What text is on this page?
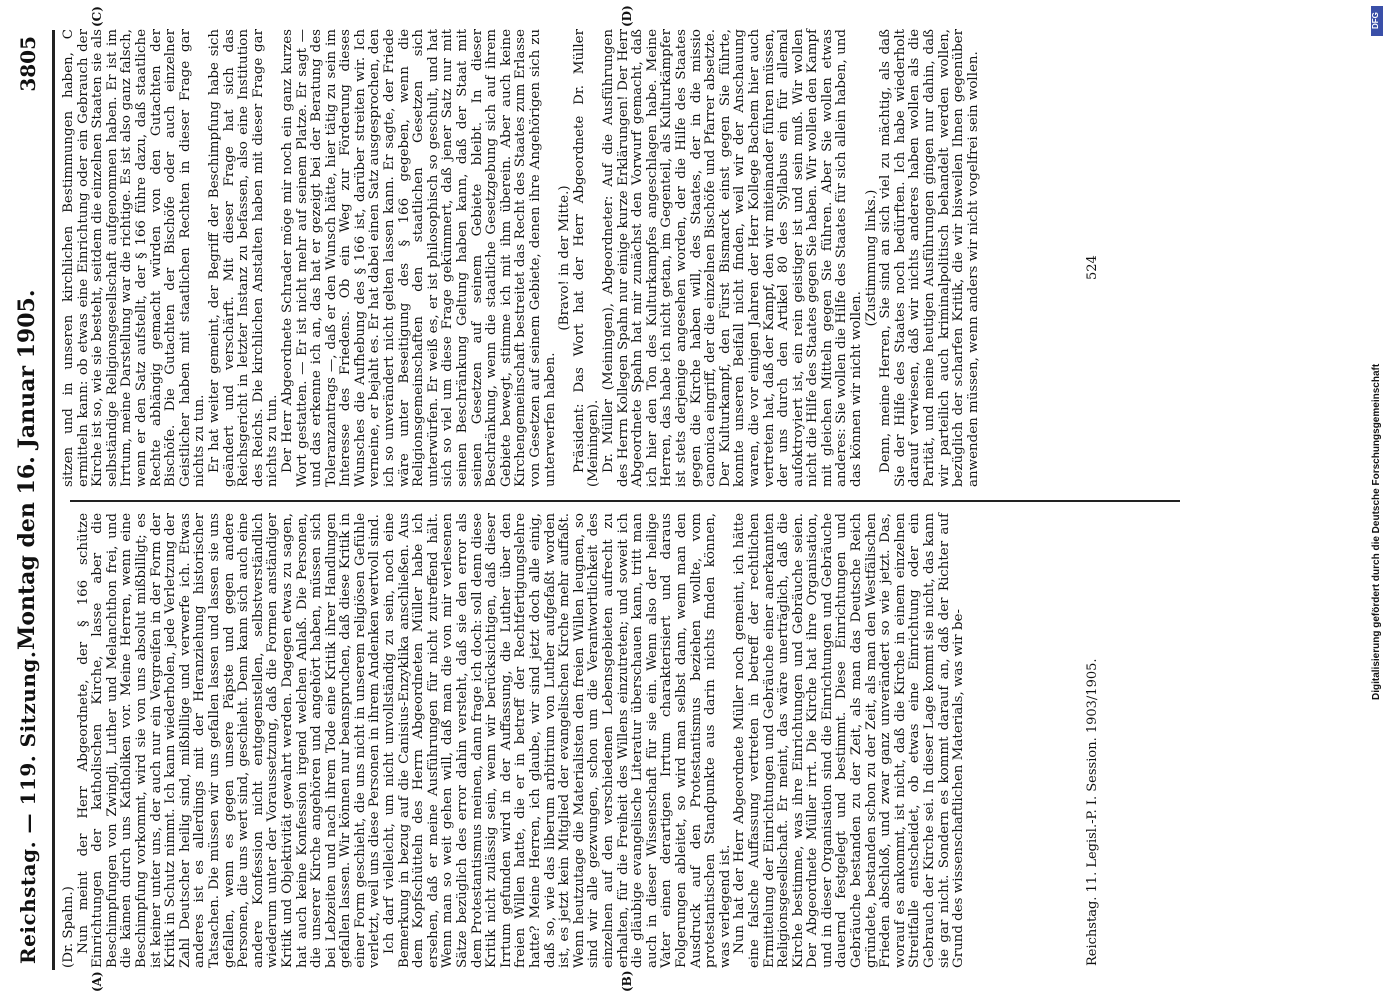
Reichstag. — 119. Sitzung.
Montag den 16. Januar 1905.
3805
(A)	(B)
(C)	(D)

(Dr. Spahn.) Nun meint der Herr Abgeordnete, der § 166 schütze Einrichtungen der katholischen Kirche, lasse aber die Beschimpfungen von Zwingli, Luther und Melanchthon frei, und die kämen durch uns Katholiken vor. Meine Herren, wenn eine Beschimpfung vorkommt, wird sie von uns absolut mißbilligt; es ist keiner unter uns, der auch nur ein Vergreifen in der Form der Kritik in Schutz nimmt. Ich kann wiederholen, jede Verletzung der Zahl Deutscher heilig sind, mißbillige und verwerfe ich. Etwas anderes ist es allerdings mit der Heranziehung historischer Tatsachen. Die müssen wir uns gefallen lassen und lassen sie uns gefallen, wenn es gegen unsere Päpste und gegen andere Personen, die uns wert sind, geschieht. Denn kann sich auch eine andere Konfession nicht entgegenstellen, selbstverständlich wiederum unter der Voraussetzung, daß die Formen anständiger Kritik und Objektivität gewahrt werden. Dagegen etwas zu sagen, hat auch keine Konfession irgend welchen Anlaß. Die Personen, die unserer Kirche angehören und angehört haben, müssen sich bei Lebzeiten und nach ihrem Tode eine Kritik ihrer Handlungen gefallen lassen. Wir können nur beanspruchen, daß diese Kritik in einer Form geschieht, die uns nicht in unserem religiösen Gefühle verletzt, weil uns diese Personen in ihrem Andenken wertvoll sind. Ich darf vielleicht, um nicht unvollständig zu sein, noch eine Bemerkung in bezug auf die Canisius-Enzyklika anschließen. Aus dem Kopfschütteln des Herrn Abgeordneten Müller habe ich ersehen, daß er meine Ausführungen für nicht zutreffend hält. Wenn man so weit gehen will, daß man die von mir verlesenen Sätze bezüglich des error dahin versteht, daß sie den error als dem Protestantismus meinen, dann frage ich doch: soll denn diese Kritik nicht zulässig sein, wenn wir berücksichtigen, daß dieser Irrtum gefunden wird in der Auffassung, die Luther über den freien Willen hatte, die er in betreff der Rechtfertigungslehre hatte? Meine Herren, ich glaube, wir sind jetzt doch alle einig, daß so, wie das liberum arbitrium von Luther aufgefaßt worden ist, es jetzt kein Mitglied der evangelischen Kirche mehr auffaßt. Wenn heutzutage die Materialisten den freien Willen leugnen, so sind wir alle gezwungen, schon um die Verantwortlichkeit des einzelnen auf den verschiedenen Lebensgebieten aufrecht zu erhalten, für die Freiheit des Willens einzutreten; und soweit ich die gläubige evangelische Literatur überschauen kann, tritt man auch in dieser Wissenschaft für sie ein. Wenn also der heilige Vater einen derartigen Irrtum charakterisiert und daraus Folgerungen ableitet, so wird man selbst dann, wenn man den Ausdruck auf den Protestantismus beziehen wollte, vom protestantischen Standpunkte aus darin nichts finden können, was verlegend ist. Nun hat der Herr Abgeordnete Müller noch gemeint, ich hätte eine falsche Auffassung vertreten in betreff der rechtlichen Ermittelung der Einrichtungen und Gebräuche einer anerkannten Religionsgesellschaft. Er meint, das wäre unerträglich, daß die Kirche bestimme, was ihre Einrichtungen und Gebräuche seien. Der Abgeordnete Müller irrt. Die Kirche hat ihre Organisation, und in dieser Organisation sind die Einrichtungen und Gebräuche dauernd festgelegt und bestimmt. Diese Einrichtungen und Gebräuche bestanden zu der Zeit, als man das Deutsche Reich gründete, bestanden schon zu der Zeit, als man den Westfälischen Frieden abschloß, und zwar ganz unverändert so wie jetzt. Das, worauf es ankommt, ist nicht, daß die Kirche in einem einzelnen Streitfalle entscheidet, ob etwas eine Einrichtung oder ein Gebrauch der Kirche sei. In dieser Lage kommt sie nicht, das kann sie gar nicht. Sondern es kommt darauf an, daß der Richter auf Grund des wissenschaftlichen Materials, was wir be-

sitzen und in unseren kirchlichen Bestimmungen haben, C ermitteln kann: ob etwas eine Einrichtung oder ein Gebrauch der Kirche ist so, wie sie besteht, seitdem die einzelnen Staaten sie als selbständige Religionsgesellschaft aufgenommen haben. Er ist im Irrtum, meine Darstellung war die richtige. Es ist also ganz falsch, wenn er den Satz aufstellt, der § 166 führe dazu, daß staatliche Rechte abhängig gemacht würden von den Gutachten der Bischöfe. Die Gutachten der Bischöfe oder auch einzelner Geistlicher haben mit staatlichen Rechten in dieser Frage gar nichts zu tun. Er hat weiter gemeint, der Begriff der Beschimpfung habe sich geändert und verschärft. Mit dieser Frage hat sich das Reichsgericht in letzter Instanz zu befassen, also eine Institution des Reichs. Die kirchlichen Anstalten haben mit dieser Frage gar nichts zu tun. Der Herr Abgeordnete Schrader möge mir noch ein ganz kurzes Wort gestatten. — Er ist nicht mehr auf seinem Platze. Er sagt — und das erkenne ich an, das hat er gezeigt bei der Beratung des Toleranzantrags —, daß er den Wunsch hätte, hier tätig zu sein im Interesse des Friedens. Ob ein Weg zur Förderung dieses Wunsches die Aufhebung des § 166 ist, darüber streiten wir. Ich verneine, er bejaht es. Er hat dabei einen Satz ausgesprochen, den ich so unverändert nicht gelten lassen kann. Er sagte, der Friede wäre unter Beseitigung des § 166 gegeben, wenn die Religionsgemeinschaften den staatlichen Gesetzen sich unterwürfen. Er weiß es, er ist philosophisch so geschult, und hat sich so viel um diese Frage gekümmert, daß jener Satz nur mit seinen Beschränkung Geltung haben kann, daß der Staat mit seinen Gesetzen auf seinem Gebiete bleibt. In dieser Beschränkung, wenn die staatliche Gesetzgebung sich auf ihrem Gebiete bewegt, stimme ich mit ihm überein. Aber auch keine Kirchengemeinschaft bestreitet das Recht des Staates zum Erlasse von Gesetzen auf seinem Gebiete, denen ihre Angehörigen sich zu unterwerfen haben.

(Bravo! in der Mitte.) Präsident: Das Wort hat der Herr Abgeordnete Dr. Müller (Meiningen). Dr. Müller (Meiningen), Abgeordneter: Auf die Ausführungen des Herrn Kollegen Spahn nur einige kurze Erklärungen! Der Herr Abgeordnete Spahn hat mir zunächst den Vorwurf gemacht, daß ich hier den Ton des Kulturkampfes angeschlagen habe. Meine Herren, das habe ich nicht getan, im Gegenteil, als Kulturkämpfer ist stets derjenige angesehen worden, der die Hilfe des Staates gegen die Kirche haben will, des Staates, der in die missio canonica eingriff, der die einzelnen Bischöfe und Pfarrer absetzte. Der Kulturkampf, den Fürst Bismarck einst gegen Sie führte, konnte unseren Beifall nicht finden, weil wir der Anschauung waren, die vor einigen Jahren der Herr Kollege Bachem hier auch vertreten hat, daß der Kampf, den wir miteinander führen müssen, der uns durch den Artikel 80 des Syllabus ein für allemal aufoktroyiert ist, ein rein geistiger ist und sein muß. Wir wollen nicht die Hilfe des Staates gegen Sie haben. Wir wollen den Kampf mit gleichen Mitteln gegen Sie führen. Aber Sie wollen etwas anderes: Sie wollen die Hilfe des Staates für sich allein haben, und das können wir nicht wollen.

(Zustimmung links.) Denn, meine Herren, Sie sind an sich viel zu mächtig, als daß Sie der Hilfe des Staates noch bedürften. Ich habe wiederholt darauf verwiesen, daß wir nichts anderes haben wollen als die Parität, und meine heutigen Ausführungen gingen nur dahin, daß wir parteilich auch kriminalpolitisch behandelt werden wollen, bezüglich der scharfen Kritik, die wir bisweilen Ihnen gegenüber anwenden müssen, wenn anders wir nicht vogelfrei sein wollen.

Reichstag. 11. Legisl.-P. I. Session. 1903/1905.
524
Digitalisierung gefördert durch die Deutsche Forschungsgemeinschaft
DFG
